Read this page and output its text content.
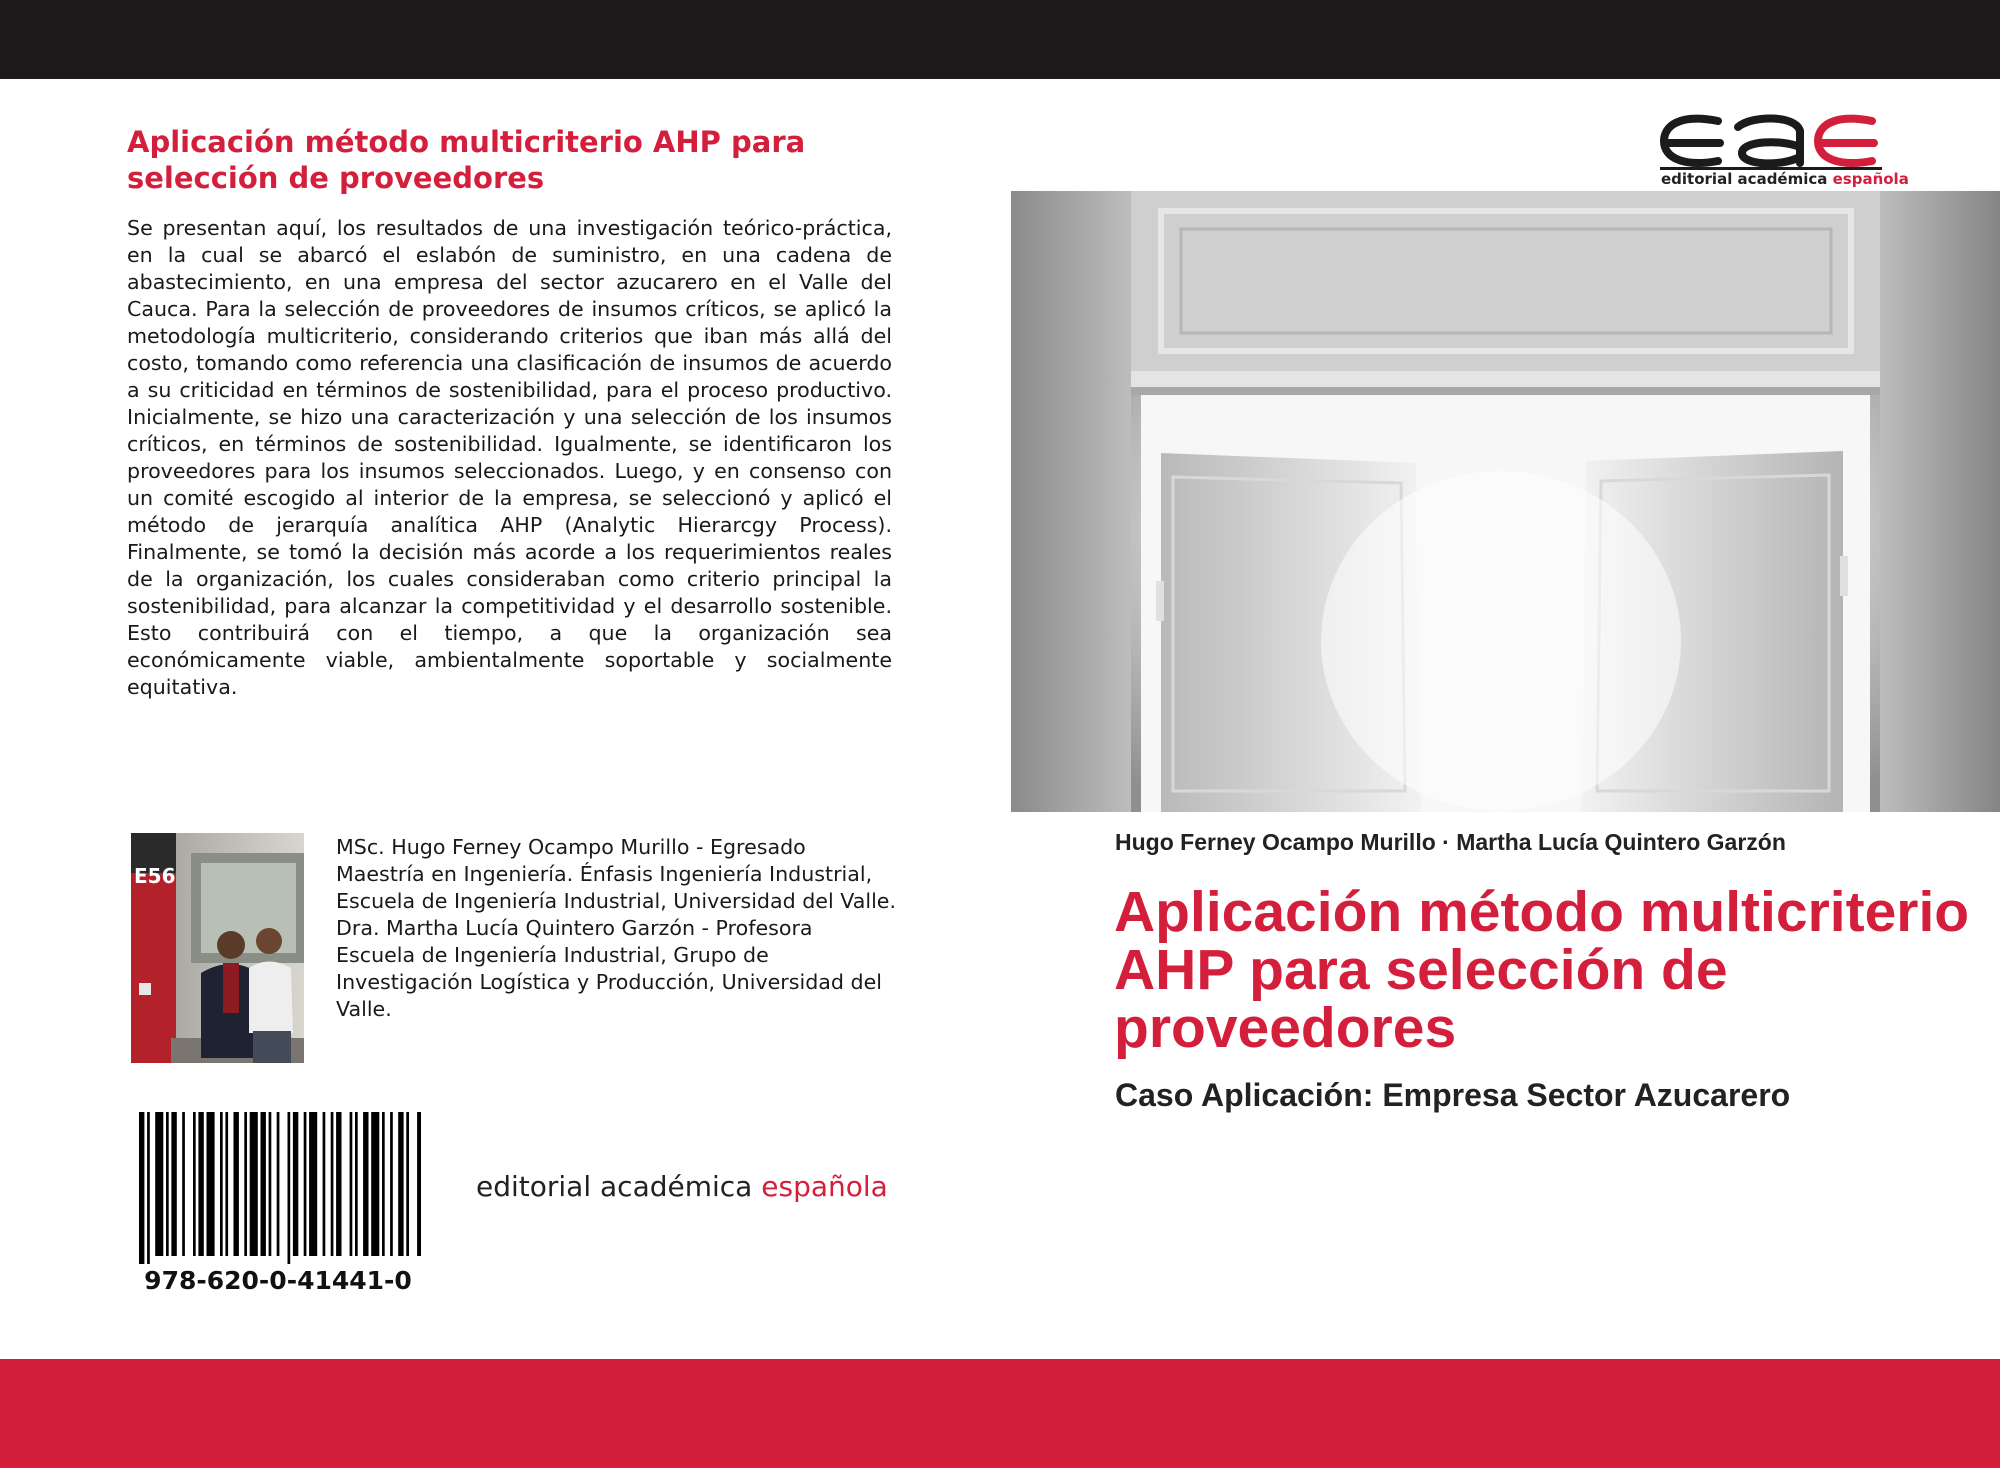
Aplicación método multicriterio AHP para selección de proveedores

Se presentan aquí, los resultados de una investigación teórico-práctica, en la cual se abarcó el eslabón de suministro, en una cadena de abastecimiento, en una empresa del sector azucarero en el Valle del Cauca. Para la selección de proveedores de insumos críticos, se aplicó la metodología multicriterio, considerando criterios que iban más allá del costo, tomando como referencia una clasificación de insumos de acuerdo a su criticidad en términos de sostenibilidad, para el proceso productivo. Inicialmente, se hizo una caracterización y una selección de los insumos críticos, en términos de sostenibilidad. Igualmente, se identificaron los proveedores para los insumos seleccionados. Luego, y en consenso con un comité escogido al interior de la empresa, se seleccionó y aplicó el método de jerarquía analítica AHP (Analytic Hierarcgy Process). Finalmente, se tomó la decisión más acorde a los requerimientos reales de la organización, los cuales consideraban como criterio principal la sostenibilidad, para alcanzar la competitividad y el desarrollo sostenible. Esto contribuirá con el tiempo, a que la organización sea económicamente viable, ambientalmente soportable y socialmente equitativa.

E56

MSc. Hugo Ferney Ocampo Murillo - Egresado Maestría en Ingeniería. Énfasis Ingeniería Industrial, Escuela de Ingeniería Industrial, Universidad del Valle.

Dra. Martha Lucía Quintero Garzón - Profesora Escuela de Ingeniería Industrial, Grupo de Investigación Logística y Producción, Universidad del Valle.

978-620-0-41441-0
editorial académica española
editorial académica española
Hugo Ferney Ocampo Murillo · Martha Lucía Quintero Garzón
Aplicación método multicriterio AHP para selección de proveedores
Caso Aplicación: Empresa Sector Azucarero
